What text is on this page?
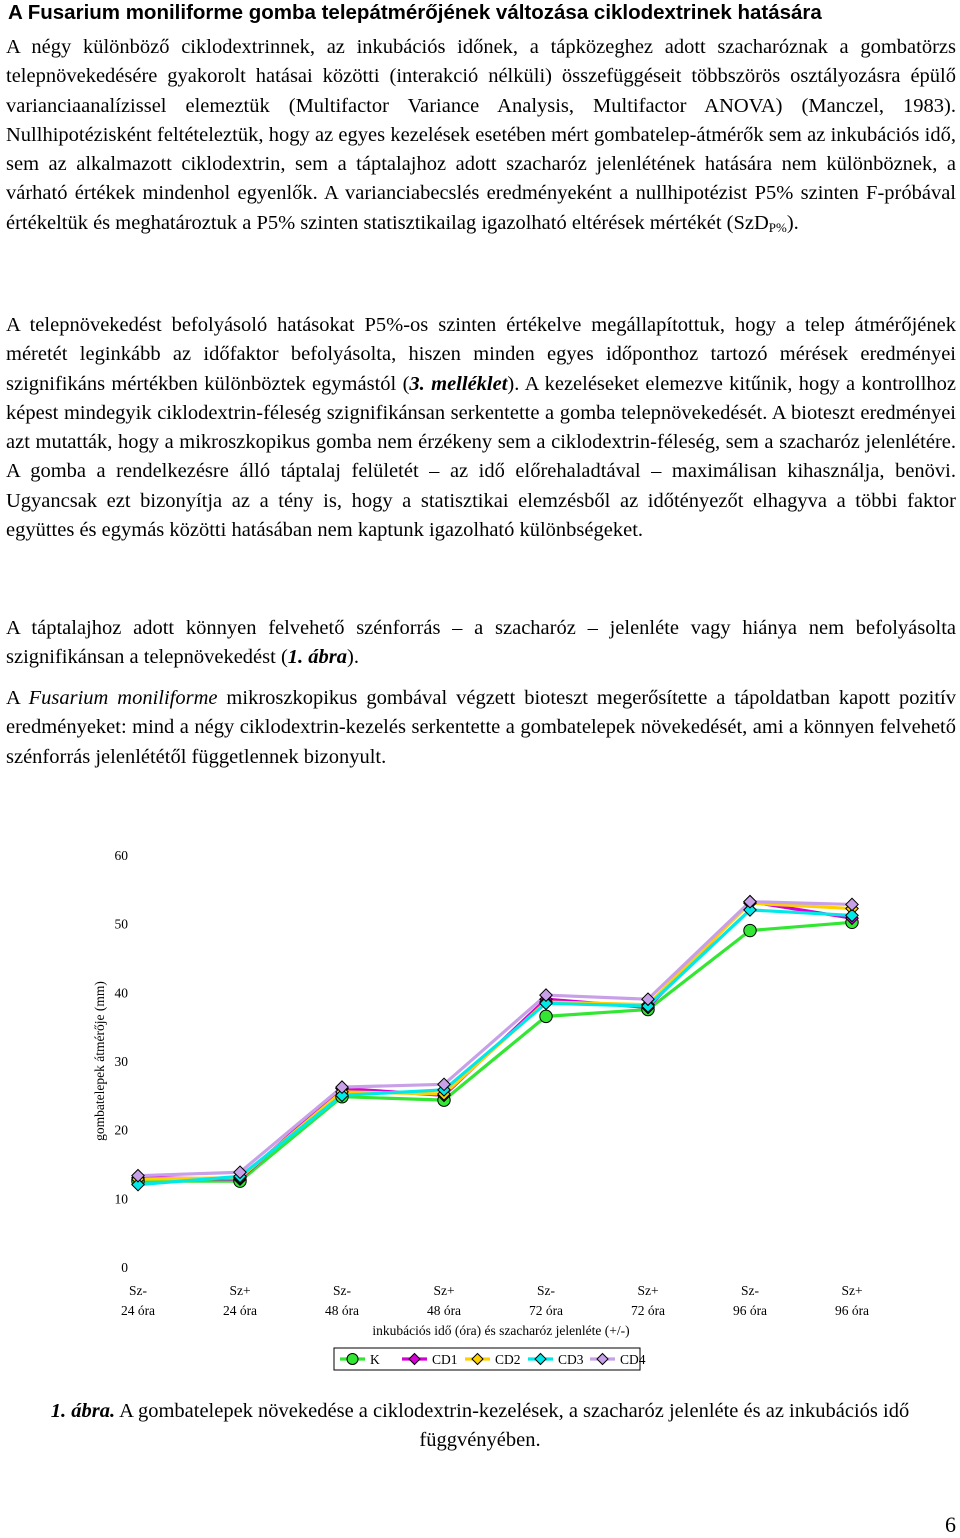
A Fusarium moniliforme gomba telepátmérőjének változása ciklodextrinek hatására
A négy különböző ciklodextrinnek, az inkubációs időnek, a tápközeghez adott szacharóznak a gombatörzs telepnövekedésére gyakorolt hatásai közötti (interakció nélküli) összefüggéseit többszörös osztályozásra épülő varianciaanalízissel elemeztük (Multifactor Variance Analysis, Multifactor ANOVA) (Manczel, 1983). Nullhipotézisként feltételeztük, hogy az egyes kezelések esetében mért gombatelep-átmérők sem az inkubációs idő, sem az alkalmazott ciklodextrin, sem a táptalajhoz adott szacharóz jelenlétének hatására nem különböznek, a várható értékek mindenhol egyenlők. A varianciabecslés eredményeként a nullhipotézist P5% szinten F-próbával értékeltük és meghatároztuk a P5% szinten statisztikailag igazolható eltérések mértékét (SzD$_{P\%}$).
A telepnövekedést befolyásoló hatásokat P5%-os szinten értékelve megállapítottuk, hogy a telep átmérőjének méretét leginkább az időfaktor befolyásolta, hiszen minden egyes időponthoz tartozó mérések eredményei szignifikáns mértékben különböztek egymástól (3. melléklet). A kezeléseket elemezve kitűnik, hogy a kontrollhoz képest mindegyik ciklodextrin-féleség szignifikánsan serkentette a gomba telepnövekedését. A bioteszt eredményei azt mutatták, hogy a mikroszkopikus gomba nem érzékeny sem a ciklodextrin-féleség, sem a szacharóz jelenlétére. A gomba a rendelkezésre álló táptalaj felületét – az idő előrehaladtával – maximálisan kihasználja, benövi. Ugyancsak ezt bizonyítja az a tény is, hogy a statisztikai elemzésből az időtényezőt elhagyva a többi faktor együttes és egymás közötti hatásában nem kaptunk igazolható különbségeket.
A táptalajhoz adott könnyen felvehető szénforrás – a szacharóz – jelenléte vagy hiánya nem befolyásolta szignifikánsan a telepnövekedést (1. ábra).
A Fusarium moniliforme mikroszkopikus gombával végzett bioteszt megerősítette a tápoldatban kapott pozitív eredményeket: mind a négy ciklodextrin-kezelés serkentette a gombatelepek növekedését, ami a könnyen felvehető szénforrás jelenlététől függetlennek bizonyult.
0
10
20
30
40
50
60
gombatelepek átmérője (mm)
Sz-
24 óra
Sz+
24 óra
Sz-
48 óra
Sz+
48 óra
Sz-
72 óra
Sz+
72 óra
Sz-
96 óra
Sz+
96 óra
inkubációs idő (óra) és szacharóz jelenléte (+/-)
K	CD1	CD2	CD3	CD4
1. ábra. A gombatelepek növekedése a ciklodextrin-kezelések, a szacharóz jelenléte és az inkubációs idő függvényében.
6
